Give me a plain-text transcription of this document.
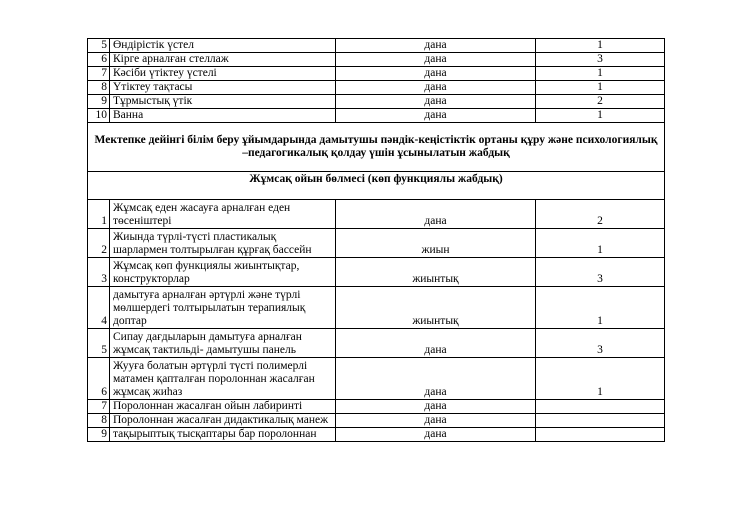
5	Өндірістік үстел	дана	1
6	Кірге арналған стеллаж	дана	3
7	Кәсіби үтіктеу үстелі	дана	1
8	Үтіктеу тақтасы	дана	1
9	Тұрмыстық үтік	дана	2
10	Ванна	дана	1
Мектепке дейінгі білім беру ұйымдарында дамытушы пәндік-кеңістіктік ортаны құру және психологиялық –педагогикалық қолдау үшін ұсынылатын жабдық			
Жұмсақ ойын бөлмесі (көп функциялы жабдық)			
1	Жұмсақ еден жасауға арналған еден төсеніштері	дана	2
2	Жиында түрлі-түсті пластикалық шарлармен толтырылған құрғақ бассейн	жиын	1
3	Жұмсақ көп функциялы жиынтықтар, конструкторлар	жиынтық	3
4	дамытуға арналған әртүрлі және түрлі мөлшердегі толтырылатын терапиялық доптар	жиынтық	1
5	Сипау дағдыларын дамытуға арналған жұмсақ тактильді- дамытушы панель	дана	3
6	Жууға болатын әртүрлі түсті полимерлі матамен қапталған поролоннан жасалған жұмсақ жиһаз	дана	1
7	Поролоннан жасалған ойын лабиринті	дана	
8	Поролоннан жасалған дидактикалық манеж	дана	
9	тақырыптық тысқаптары бар поролоннан	дана	
